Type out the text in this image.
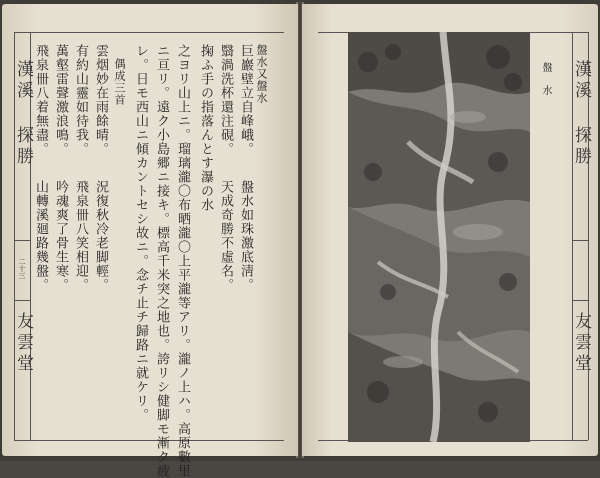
漢溪 探勝
二十三
友雲堂
盤水又盤水
巨巖壁立自峰峨。
盤水如珠激底淸。
翳渦洗杯還注硯。
天成奇勝不虛名。
掬ふ手の指落んとす瀑の水
之ヨリ山上ニ。瑠璃瀧〇布晒瀧〇上平瀧等アリ。瀧ノ上ハ。高原數里
ニ亘リ。遠ク小島郷ニ接キ。標高千米突之地也。誇リシ健脚モ漸ク疲
レ。日モ西山ニ傾カントセシ故ニ。念チ止チ歸路ニ就ケリ。
偶成三首
雲烟妙在雨餘晴。
況復秋冷老脚輕。
有約山靈如待我。
飛泉卌八笑相迎。
萬壑雷聲激浪鳴。
吟魂爽了骨生寒。
飛泉卌八着無盡。
山轉溪廻路幾盤。
漢溪 探勝
友雲堂
盤 水
